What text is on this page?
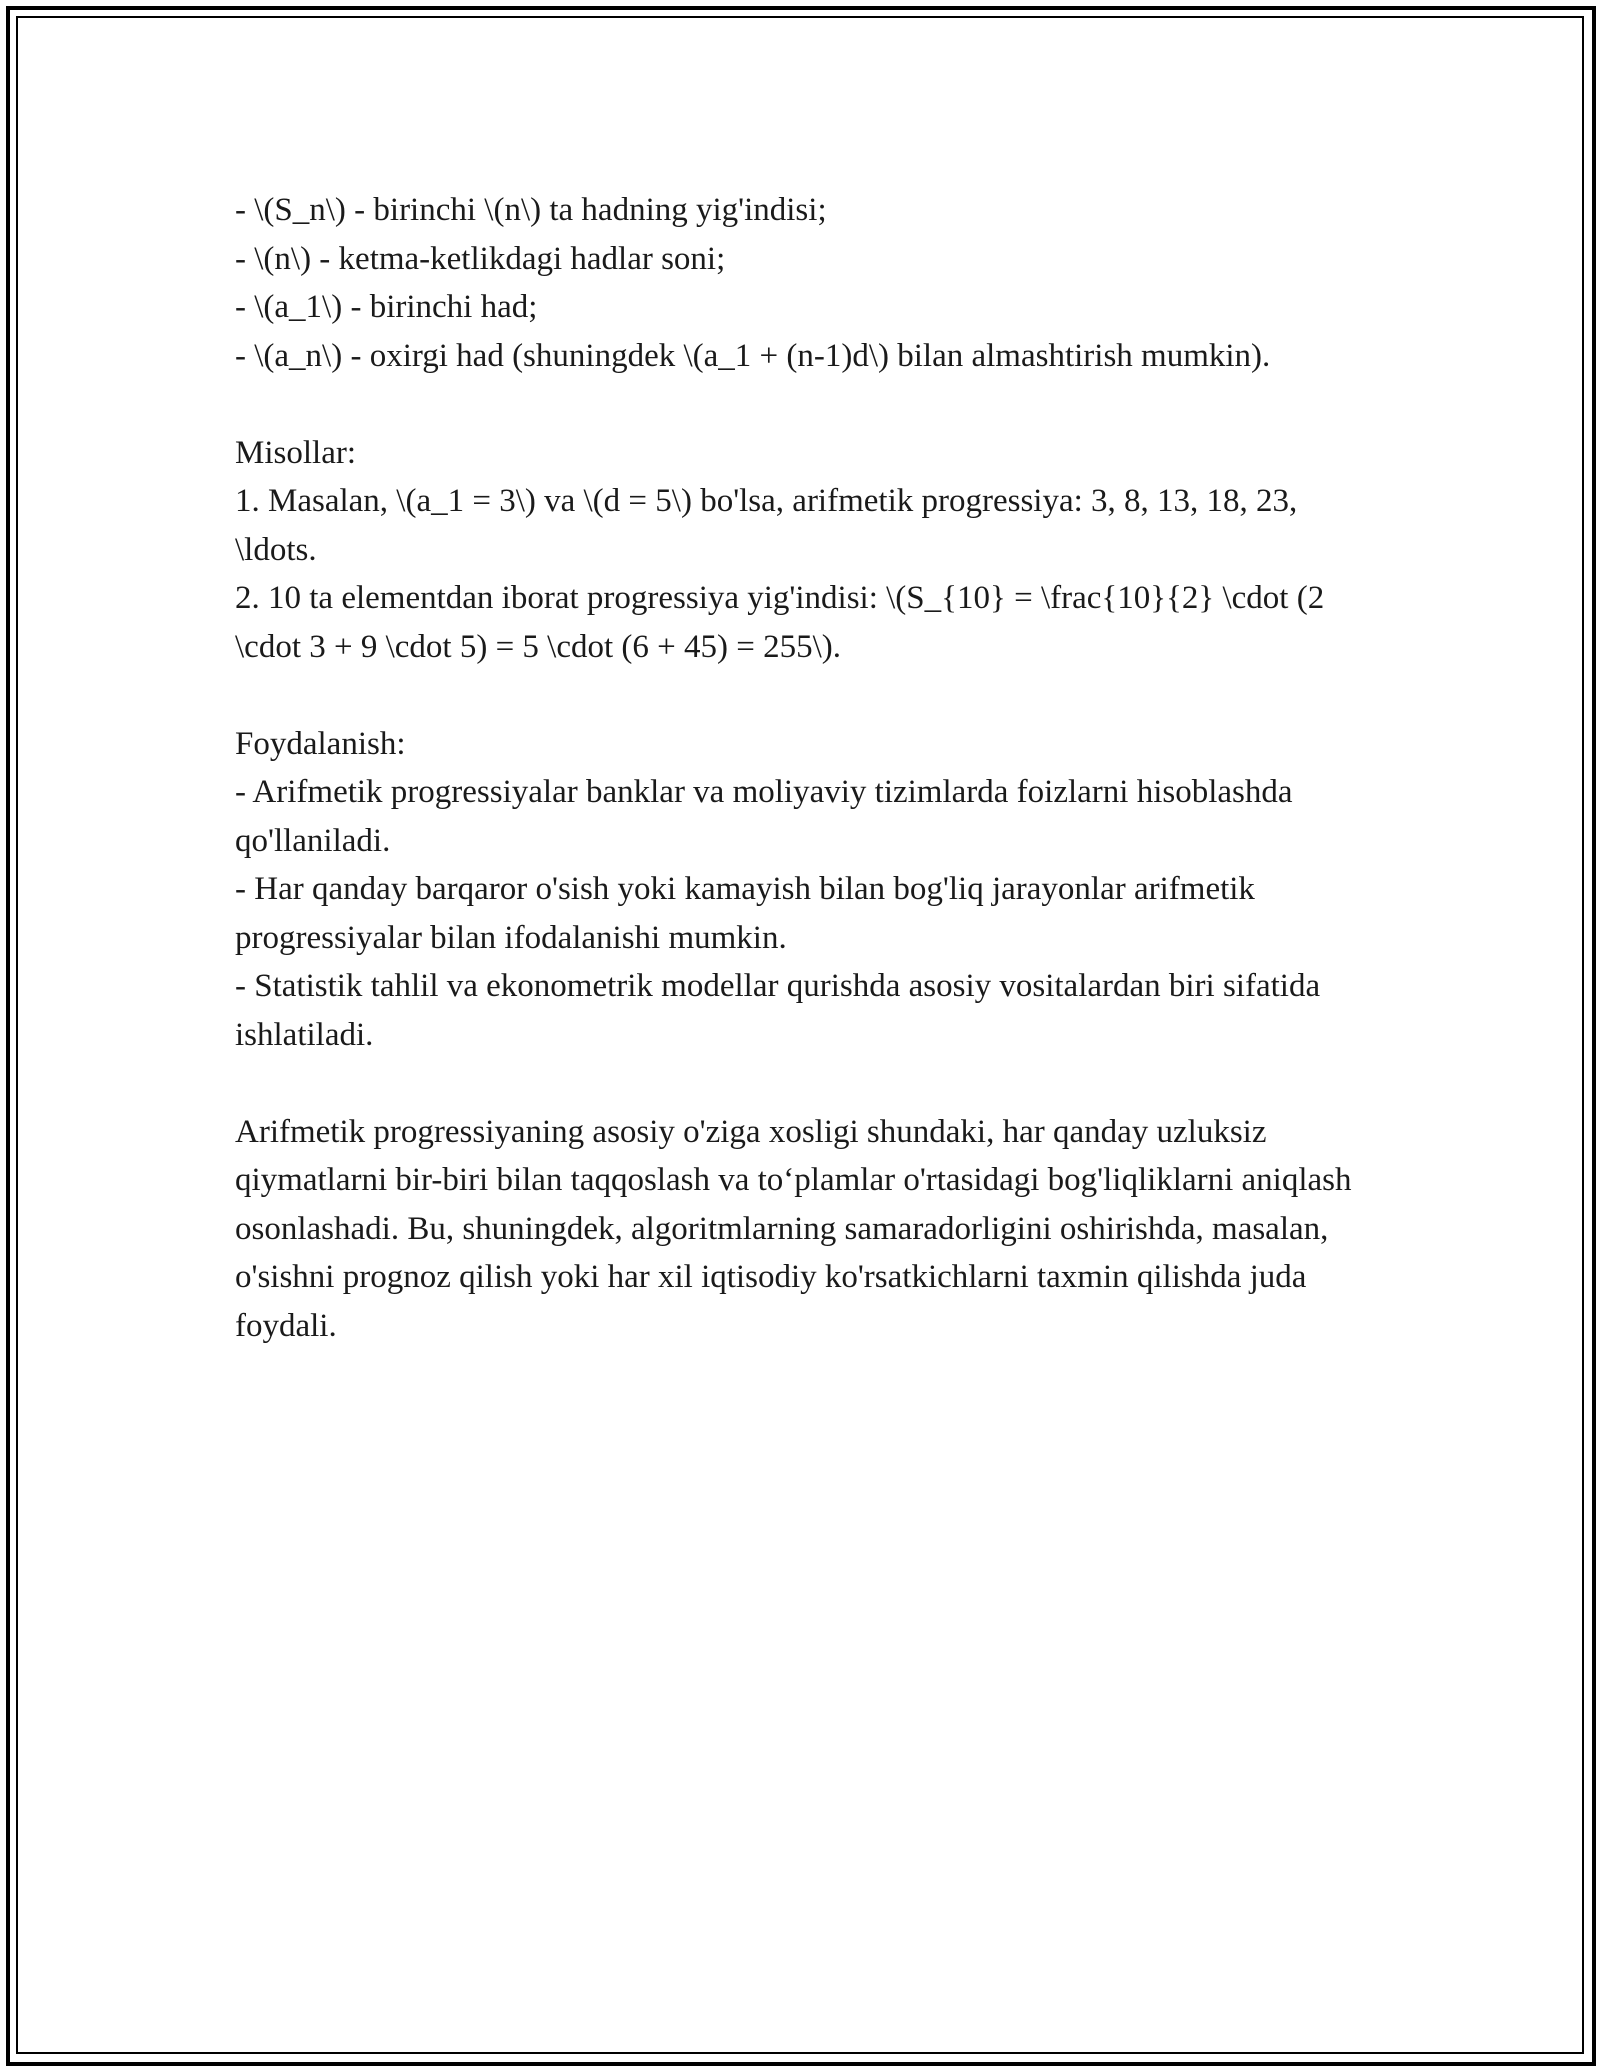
- \(S_n\) - birinchi \(n\) ta hadning yig'indisi;
- \(n\) - ketma-ketlikdagi hadlar soni;
- \(a_1\) - birinchi had;
- \(a_n\) - oxirgi had (shuningdek \(a_1 + (n-1)d\) bilan almashtirish mumkin).
Misollar:
1. Masalan, \(a_1 = 3\) va \(d = 5\) bo'lsa, arifmetik progressiya: 3, 8, 13, 18, 23, \ldots.
2. 10 ta elementdan iborat progressiya yig'indisi: \(S_{10} = \frac{10}{2} \cdot (2 \cdot 3 + 9 \cdot 5) = 5 \cdot (6 + 45) = 255\).
Foydalanish:
- Arifmetik progressiyalar banklar va moliyaviy tizimlarda foizlarni hisoblashda qo'llaniladi.
- Har qanday barqaror o'sish yoki kamayish bilan bog'liq jarayonlar arifmetik progressiyalar bilan ifodalanishi mumkin.
- Statistik tahlil va ekonometrik modellar qurishda asosiy vositalardan biri sifatida ishlatiladi.

Arifmetik progressiyaning asosiy o'ziga xosligi shundaki, har qanday uzluksiz qiymatlarni bir-biri bilan taqqoslash va to‘plamlar o'rtasidagi bog'liqliklarni aniqlash osonlashadi. Bu, shuningdek, algoritmlarning samaradorligini oshirishda, masalan, o'sishni prognoz qilish yoki har xil iqtisodiy ko'rsatkichlarni taxmin qilishda juda foydali.
